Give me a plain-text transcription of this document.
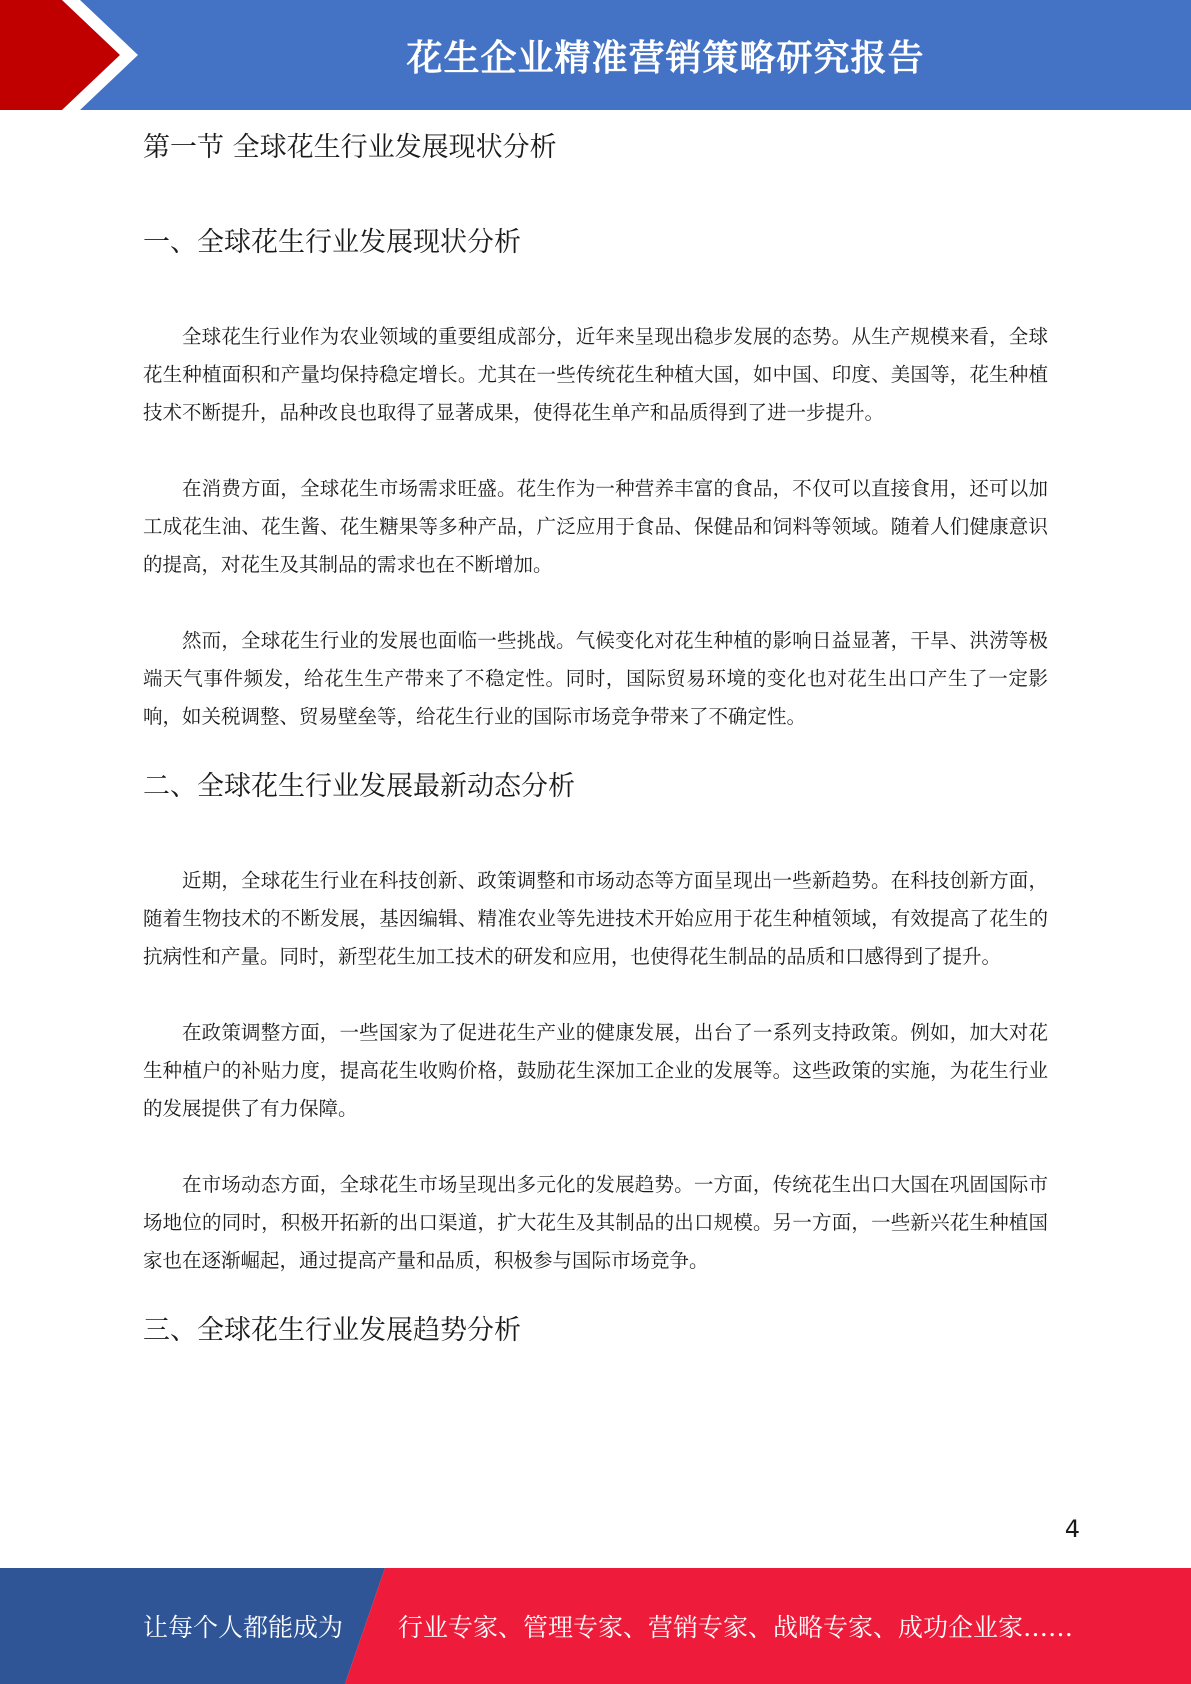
花生企业精准营销策略研究报告
第一节 全球花生行业发展现状分析
一、全球花生行业发展现状分析

全球花生行业作为农业领域的重要组成部分，近年来呈现出稳步发展的态势。从生产规模来看，全球花生种植面积和产量均保持稳定增长。尤其在一些传统花生种植大国，如中国、印度、美国等，花生种植技术不断提升，品种改良也取得了显著成果，使得花生单产和品质得到了进一步提升。

在消费方面，全球花生市场需求旺盛。花生作为一种营养丰富的食品，不仅可以直接食用，还可以加工成花生油、花生酱、花生糖果等多种产品，广泛应用于食品、保健品和饲料等领域。随着人们健康意识的提高，对花生及其制品的需求也在不断增加。

然而，全球花生行业的发展也面临一些挑战。气候变化对花生种植的影响日益显著，干旱、洪涝等极端天气事件频发，给花生生产带来了不稳定性。同时，国际贸易环境的变化也对花生出口产生了一定影响，如关税调整、贸易壁垒等，给花生行业的国际市场竞争带来了不确定性。

二、全球花生行业发展最新动态分析

近期，全球花生行业在科技创新、政策调整和市场动态等方面呈现出一些新趋势。在科技创新方面，随着生物技术的不断发展，基因编辑、精准农业等先进技术开始应用于花生种植领域，有效提高了花生的抗病性和产量。同时，新型花生加工技术的研发和应用，也使得花生制品的品质和口感得到了提升。

在政策调整方面，一些国家为了促进花生产业的健康发展，出台了一系列支持政策。例如，加大对花生种植户的补贴力度，提高花生收购价格，鼓励花生深加工企业的发展等。这些政策的实施，为花生行业的发展提供了有力保障。

在市场动态方面，全球花生市场呈现出多元化的发展趋势。一方面，传统花生出口大国在巩固国际市场地位的同时，积极开拓新的出口渠道，扩大花生及其制品的出口规模。另一方面，一些新兴花生种植国家也在逐渐崛起，通过提高产量和品质，积极参与国际市场竞争。

三、全球花生行业发展趋势分析
4
让每个人都能成为 行业专家、管理专家、营销专家、战略专家、成功企业家……
